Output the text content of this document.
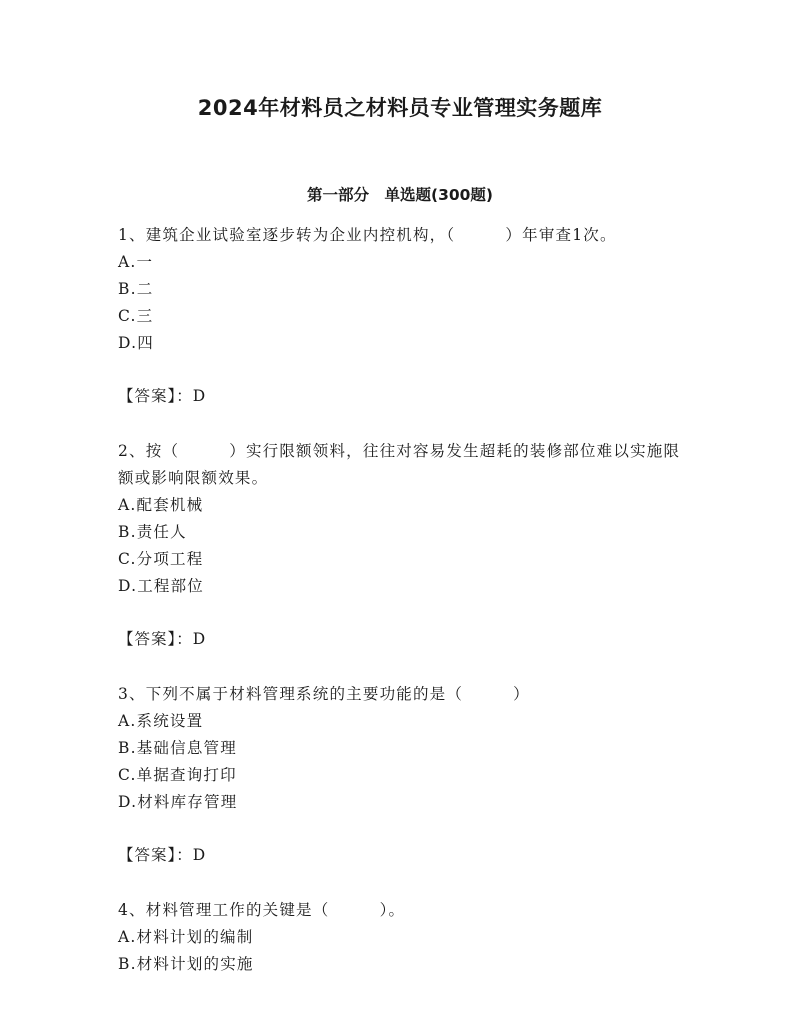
2024年材料员之材料员专业管理实务题库
第一部分　单选题(300题)
1、建筑企业试验室逐步转为企业内控机构，（　　　）年审查1次。
A.一
B.二
C.三
D.四
【答案】：D
2、按（　　　）实行限额领料，往往对容易发生超耗的装修部位难以实施限额或影响限额效果。
A.配套机械
B.责任人
C.分项工程
D.工程部位
【答案】：D
3、下列不属于材料管理系统的主要功能的是（　　　）
A.系统设置
B.基础信息管理
C.单据查询打印
D.材料库存管理
【答案】：D
4、材料管理工作的关键是（　　　）。
A.材料计划的编制
B.材料计划的实施
